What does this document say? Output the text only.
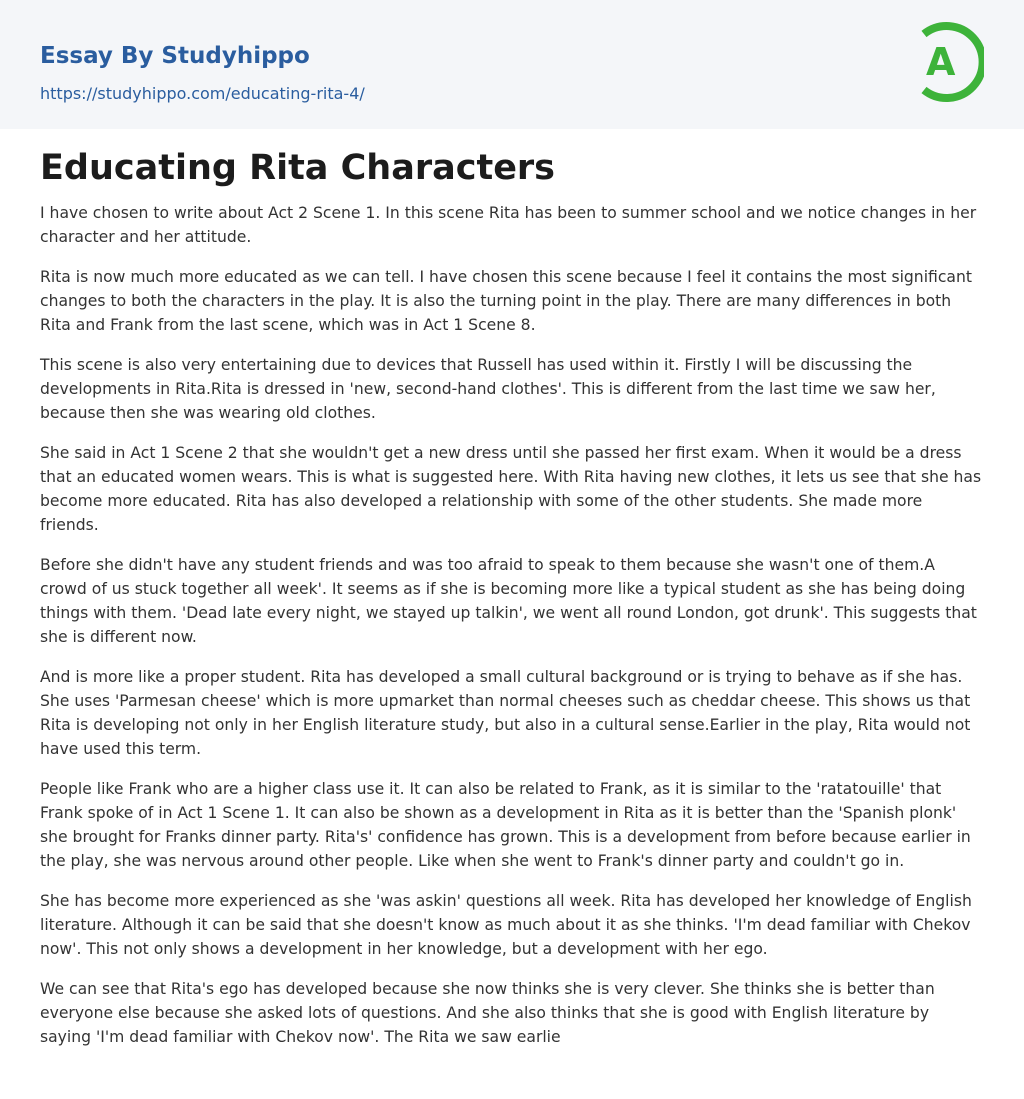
Essay By Studyhippo
https://studyhippo.com/educating-rita-4/
A
Educating Rita Characters

I have chosen to write about Act 2 Scene 1. In this scene Rita has been to summer school and we notice changes in her character and her attitude.

Rita is now much more educated as we can tell. I have chosen this scene because I feel it contains the most significant changes to both the characters in the play. It is also the turning point in the play. There are many differences in both Rita and Frank from the last scene, which was in Act 1 Scene 8.

This scene is also very entertaining due to devices that Russell has used within it. Firstly I will be discussing the developments in Rita.Rita is dressed in 'new, second-hand clothes'. This is different from the last time we saw her, because then she was wearing old clothes.

She said in Act 1 Scene 2 that she wouldn't get a new dress until she passed her first exam. When it would be a dress that an educated women wears. This is what is suggested here. With Rita having new clothes, it lets us see that she has become more educated. Rita has also developed a relationship with some of the other students. She made more friends.

Before she didn't have any student friends and was too afraid to speak to them because she wasn't one of them.A crowd of us stuck together all week'. It seems as if she is becoming more like a typical student as she has being doing things with them. 'Dead late every night, we stayed up talkin', we went all round London, got drunk'. This suggests that she is different now.

And is more like a proper student. Rita has developed a small cultural background or is trying to behave as if she has. She uses 'Parmesan cheese' which is more upmarket than normal cheeses such as cheddar cheese. This shows us that Rita is developing not only in her English literature study, but also in a cultural sense.Earlier in the play, Rita would not have used this term.

People like Frank who are a higher class use it. It can also be related to Frank, as it is similar to the 'ratatouille' that Frank spoke of in Act 1 Scene 1. It can also be shown as a development in Rita as it is better than the 'Spanish plonk' she brought for Franks dinner party. Rita's' confidence has grown. This is a development from before because earlier in the play, she was nervous around other people. Like when she went to Frank's dinner party and couldn't go in.

She has become more experienced as she 'was askin' questions all week. Rita has developed her knowledge of English literature. Although it can be said that she doesn't know as much about it as she thinks. 'I'm dead familiar with Chekov now'. This not only shows a development in her knowledge, but a development with her ego.

We can see that Rita's ego has developed because she now thinks she is very clever. She thinks she is better than everyone else because she asked lots of questions. And she also thinks that she is good with English literature by saying 'I'm dead familiar with Chekov now'. The Rita we saw earlie
